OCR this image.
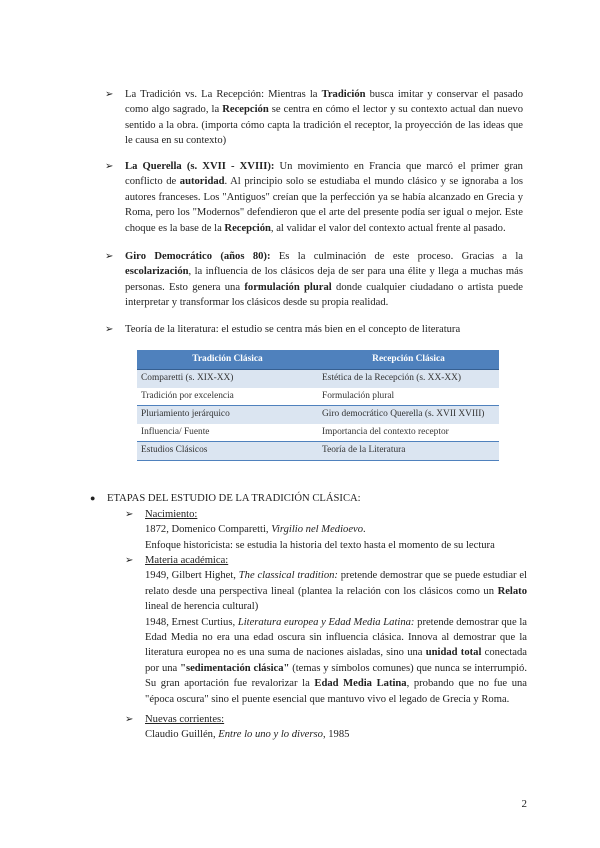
➢ La Tradición vs. La Recepción: Mientras la Tradición busca imitar y conservar el pasado como algo sagrado, la Recepción se centra en cómo el lector y su contexto actual dan nuevo sentido a la obra. (importa cómo capta la tradición el receptor, la proyección de las ideas que le causa en su contexto)

➢ La Querella (s. XVII - XVIII): Un movimiento en Francia que marcó el primer gran conflicto de autoridad. Al principio solo se estudiaba el mundo clásico y se ignoraba a los autores franceses. Los "Antiguos" creían que la perfección ya se había alcanzado en Grecia y Roma, pero los "Modernos" defendieron que el arte del presente podía ser igual o mejor. Este choque es la base de la Recepción, al validar el valor del contexto actual frente al pasado.

➢ Giro Democrático (años 80): Es la culminación de este proceso. Gracias a la escolarización, la influencia de los clásicos deja de ser para una élite y llega a muchas más personas. Esto genera una formulación plural donde cualquier ciudadano o artista puede interpretar y transformar los clásicos desde su propia realidad.

➢ Teoría de la literatura: el estudio se centra más bien en el concepto de literatura

Tradición Clásica	Recepción Clásica
Comparetti (s. XIX-XX)	Estética de la Recepción (s. XX-XX)
Tradición por excelencia	Formulación plural
Pluriamiento jerárquico	Giro democrático Querella (s. XVII XVIII)
Influencia/ Fuente	Importancia del contexto receptor
Estudios Clásicos	Teoría de la Literatura
● ETAPAS DEL ESTUDIO DE LA TRADICIÓN CLÁSICA:

➢ Nacimiento:

1872, Domenico Comparetti, Virgilio nel Medioevo.

Enfoque historicista: se estudia la historia del texto hasta el momento de su lectura

➢ Materia académica:

1949, Gilbert Highet, The classical tradition: pretende demostrar que se puede estudiar el relato desde una perspectiva lineal (plantea la relación con los clásicos como un Relato lineal de herencia cultural)

1948, Ernest Curtius, Literatura europea y Edad Media Latina: pretende demostrar que la Edad Media no era una edad oscura sin influencia clásica. Innova al demostrar que la literatura europea no es una suma de naciones aisladas, sino una unidad total conectada por una "sedimentación clásica" (temas y símbolos comunes) que nunca se interrumpió. Su gran aportación fue revalorizar la Edad Media Latina, probando que no fue una "época oscura" sino el puente esencial que mantuvo vivo el legado de Grecia y Roma.

➢ Nuevas corrientes:

Claudio Guillén, Entre lo uno y lo diverso, 1985

2
